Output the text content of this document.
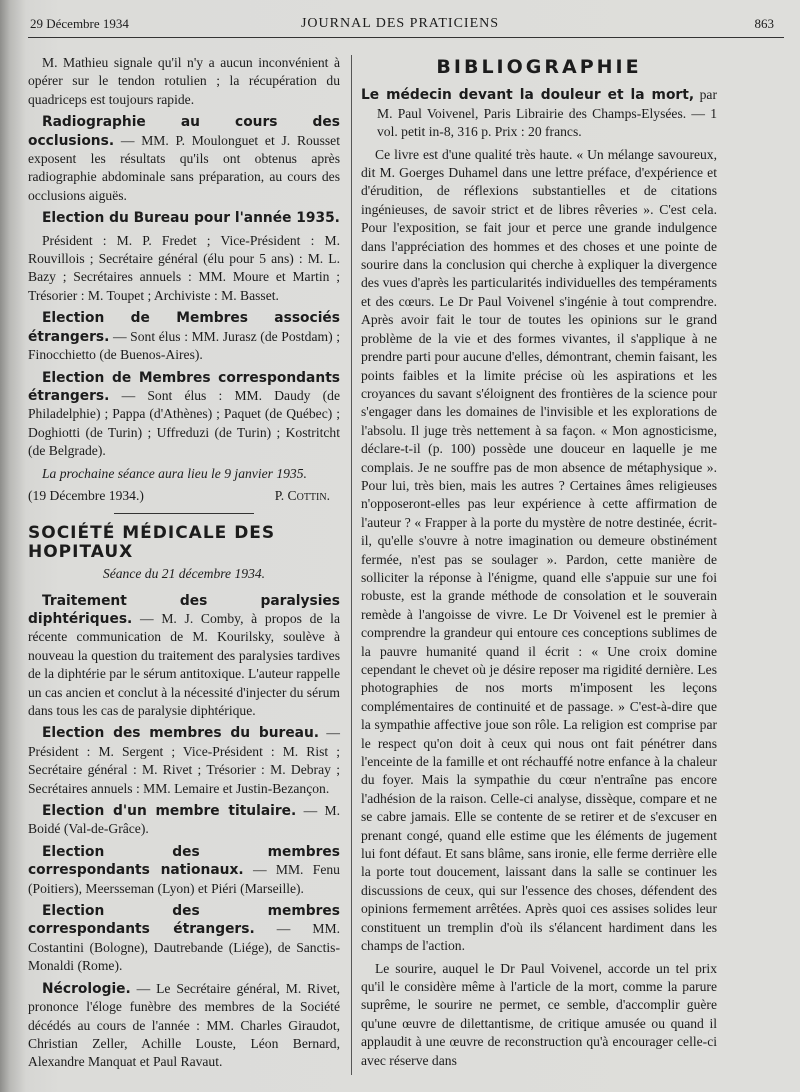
29 Décembre 1934	JOURNAL DES PRATICIENS	863

M. Mathieu signale qu'il n'y a aucun inconvénient à opérer sur le tendon rotulien ; la récupération du quadriceps est toujours rapide.

Radiographie au cours des occlusions. — MM. P. Moulonguet et J. Rousset exposent les résultats qu'ils ont obtenus après radiographie abdominale sans préparation, au cours des occlusions aiguës.

Election du Bureau pour l'année 1935.

Président : M. P. Fredet ; Vice-Président : M. Rouvillois ; Secrétaire général (élu pour 5 ans) : M. L. Bazy ; Secrétaires annuels : MM. Moure et Martin ; Trésorier : M. Toupet ; Archiviste : M. Basset.

Election de Membres associés étrangers. — Sont élus : MM. Jurasz (de Postdam) ; Finocchietto (de Buenos-Aires).

Election de Membres correspondants étrangers. — Sont élus : MM. Daudy (de Philadelphie) ; Pappa (d'Athènes) ; Paquet (de Québec) ; Doghiotti (de Turin) ; Uffreduzi (de Turin) ; Kostritcht (de Belgrade).

La prochaine séance aura lieu le 9 janvier 1935.

(19 Décembre 1934.)	P. Cottin.

SOCIÉTÉ MÉDICALE DES HOPITAUX
Séance du 21 décembre 1934.

Traitement des paralysies diphtériques. — M. J. Comby, à propos de la récente communication de M. Kourilsky, soulève à nouveau la question du traitement des paralysies tardives de la diphtérie par le sérum antitoxique. L'auteur rappelle un cas ancien et conclut à la nécessité d'injecter du sérum dans tous les cas de paralysie diphtérique.

Election des membres du bureau. — Président : M. Sergent ; Vice-Président : M. Rist ; Secrétaire général : M. Rivet ; Trésorier : M. Debray ; Secrétaires annuels : MM. Lemaire et Justin-Bezançon.

Election d'un membre titulaire. — M. Boidé (Val-de-Grâce).

Election des membres correspondants nationaux. — MM. Fenu (Poitiers), Meersseman (Lyon) et Piéri (Marseille).

Election des membres correspondants étrangers. — MM. Costantini (Bologne), Dautrebande (Liége), de Sanctis-Monaldi (Rome).

Nécrologie. — Le Secrétaire général, M. Rivet, prononce l'éloge funèbre des membres de la Société décédés au cours de l'année : MM. Charles Giraudot, Christian Zeller, Achille Louste, Léon Bernard, Alexandre Manquat et Paul Ravaut.

BIBLIOGRAPHIE

Le médecin devant la douleur et la mort, par M. Paul Voivenel, Paris Librairie des Champs-Elysées. — 1 vol. petit in-8, 316 p. Prix : 20 francs.

Ce livre est d'une qualité très haute. « Un mélange savoureux, dit M. Goerges Duhamel dans une lettre préface, d'expérience et d'érudition, de réflexions substantielles et de citations ingénieuses, de savoir strict et de libres rêveries ». C'est cela. Pour l'exposition, se fait jour et perce une grande indulgence dans l'appréciation des hommes et des choses et une pointe de sourire dans la conclusion qui cherche à expliquer la divergence des vues d'après les particularités individuelles des tempéraments et des cœurs. Le Dr Paul Voivenel s'ingénie à tout comprendre. Après avoir fait le tour de toutes les opinions sur le grand problème de la vie et des formes vivantes, il s'applique à ne prendre parti pour aucune d'elles, démontrant, chemin faisant, les points faibles et la limite précise où les aspirations et les croyances du savant s'éloignent des frontières de la science pour s'engager dans les domaines de l'invisible et les explorations de l'absolu. Il juge très nettement à sa façon. « Mon agnosticisme, déclare-t-il (p. 100) possède une douceur en laquelle je me complais. Je ne souffre pas de mon absence de métaphysique ». Pour lui, très bien, mais les autres ? Certaines âmes religieuses n'opposeront-elles pas leur expérience à cette affirmation de l'auteur ? « Frapper à la porte du mystère de notre destinée, écrit-il, qu'elle s'ouvre à notre imagination ou demeure obstinément fermée, n'est pas se soulager ». Pardon, cette manière de solliciter la réponse à l'énigme, quand elle s'appuie sur une foi robuste, est la grande méthode de consolation et le souverain remède à l'angoisse de vivre. Le Dr Voivenel est le premier à comprendre la grandeur qui entoure ces conceptions sublimes de la pauvre humanité quand il écrit : « Une croix domine cependant le chevet où je désire reposer ma rigidité dernière. Les photographies de nos morts m'imposent les leçons complémentaires de continuité et de passage. » C'est-à-dire que la sympathie affective joue son rôle. La religion est comprise par le respect qu'on doit à ceux qui nous ont fait pénétrer dans l'enceinte de la famille et ont réchauffé notre enfance à la chaleur du foyer. Mais la sympathie du cœur n'entraîne pas encore l'adhésion de la raison. Celle-ci analyse, dissèque, compare et ne se cabre jamais. Elle se contente de se retirer et de s'excuser en prenant congé, quand elle estime que les éléments de jugement lui font défaut. Et sans blâme, sans ironie, elle ferme derrière elle la porte tout doucement, laissant dans la salle se continuer les discussions de ceux, qui sur l'essence des choses, défendent des opinions fermement arrêtées. Après quoi ces assises solides leur constituent un tremplin d'où ils s'élancent hardiment dans les champs de l'action.

Le sourire, auquel le Dr Paul Voivenel, accorde un tel prix qu'il le considère même à l'article de la mort, comme la parure suprême, le sourire ne permet, ce semble, d'accomplir guère qu'une œuvre de dilettantisme, de critique amusée ou quand il applaudit à une œuvre de reconstruction qu'à encourager celle-ci avec réserve dans
